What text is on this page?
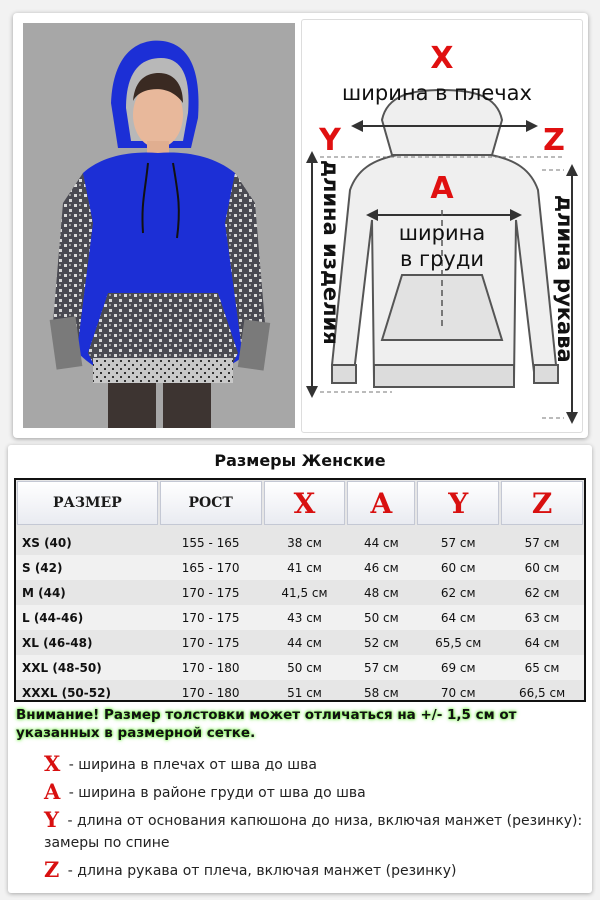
X
ширина в плечах
A
ширина
в груди
Y	Z
длина изделия	длина рукава
Размеры Женские
РАЗМЕР	РОСТ	X	A	Y	Z
XS (40)	155 - 165	38 см	44 см	57 см	57 см
S (42)	165 - 170	41 см	46 см	60 см	60 см
M (44)	170 - 175	41,5 см	48 см	62 см	62 см
L (44-46)	170 - 175	43 см	50 см	64 см	63 см
XL (46-48)	170 - 175	44 см	52 см	65,5 см	64 см
XXL (48-50)	170 - 180	50 см	57 см	69 см	65 см
XXXL (50-52)	170 - 180	51 см	58 см	70 см	66,5 см
Внимание! Размер толстовки может отличаться на +/- 1,5 см от указанных в размерной сетке.
X - ширина в плечах от шва до шва
A - ширина в районе груди от шва до шва
Y - длина от основания капюшона до низа, включая манжет (резинку): замеры по спине
Z - длина рукава от плеча, включая манжет (резинку)
